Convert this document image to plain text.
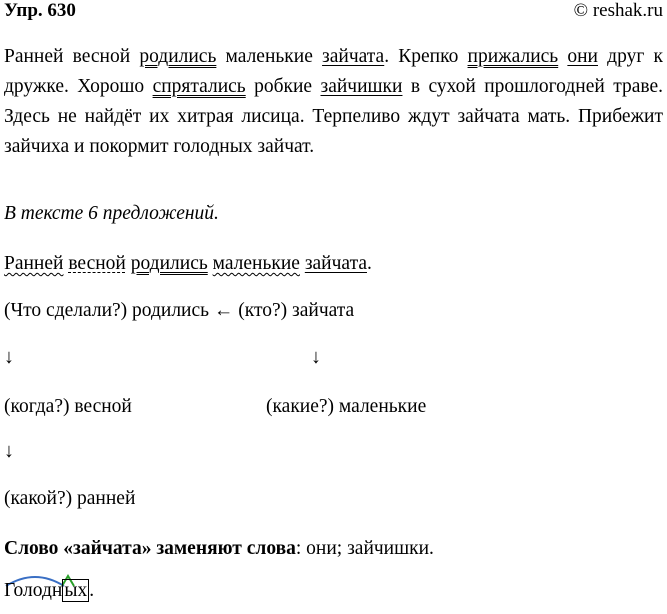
Упр. 630	© reshak.ru
Ранней весной родились маленькие зайчата. Крепко прижались они друг к дружке. Хорошо спрятались робкие зайчишки в сухой прошлогодней траве. Здесь не найдёт их хитрая лисица. Терпеливо ждут зайчата мать. Прибежит зайчиха и покормит голодных зайчат.
В тексте 6 предложений.
Ранней весной родились маленькие зайчата.
(Что сделали?) родились ← (кто?) зайчата
↓	↓
(когда?) весной	(какие?) маленькие
↓
(какой?) ранней
Слово «зайчата» заменяют слова: они; зайчишки.
Голодн ых .
